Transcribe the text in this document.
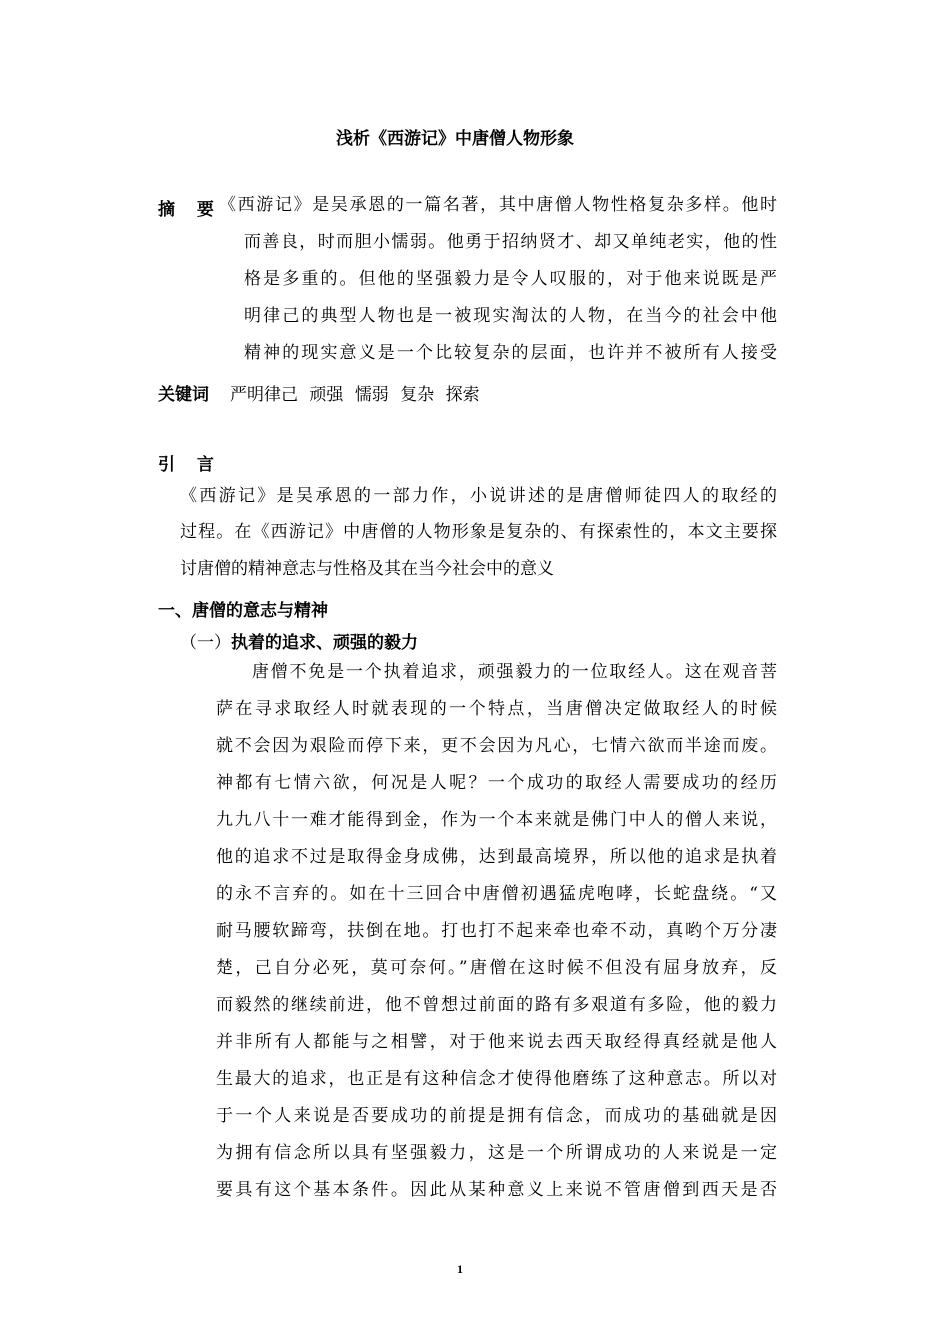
浅析《西游记》中唐僧人物形象
摘 要
《西游记》是吴承恩的一篇名著，其中唐僧人物性格复杂多样。他时
而善良，时而胆小懦弱。他勇于招纳贤才、却又单纯老实，他的性
格是多重的。但他的坚强毅力是令人叹服的，对于他来说既是严
明律己的典型人物也是一被现实淘汰的人物，在当今的社会中他
精神的现实意义是一个比较复杂的层面，也许并不被所有人接受
关键词 严明律己 顽强 懦弱 复杂 探索
引 言
《西游记》是吴承恩的一部力作，小说讲述的是唐僧师徒四人的取经的
过程。在《西游记》中唐僧的人物形象是复杂的、有探索性的，本文主要探
讨唐僧的精神意志与性格及其在当今社会中的意义
一、唐僧的意志与精神
（一）执着的追求、顽强的毅力
唐僧不免是一个执着追求，顽强毅力的一位取经人。这在观音菩
萨在寻求取经人时就表现的一个特点，当唐僧决定做取经人的时候
就不会因为艰险而停下来，更不会因为凡心，七情六欲而半途而废。
神都有七情六欲，何况是人呢？一个成功的取经人需要成功的经历
九九八十一难才能得到金，作为一个本来就是佛门中人的僧人来说，
他的追求不过是取得金身成佛，达到最高境界，所以他的追求是执着
的永不言弃的。如在十三回合中唐僧初遇猛虎咆哮，长蛇盘绕。“又
耐马腰软蹄弯，扶倒在地。打也打不起来牵也牵不动，真哟个万分凄
楚，己自分必死，莫可奈何。”唐僧在这时候不但没有屈身放弃，反
而毅然的继续前进，他不曾想过前面的路有多艰道有多险，他的毅力
并非所有人都能与之相譬，对于他来说去西天取经得真经就是他人
生最大的追求，也正是有这种信念才使得他磨练了这种意志。所以对
于一个人来说是否要成功的前提是拥有信念，而成功的基础就是因
为拥有信念所以具有坚强毅力，这是一个所谓成功的人来说是一定
要具有这个基本条件。因此从某种意义上来说不管唐僧到西天是否
1
